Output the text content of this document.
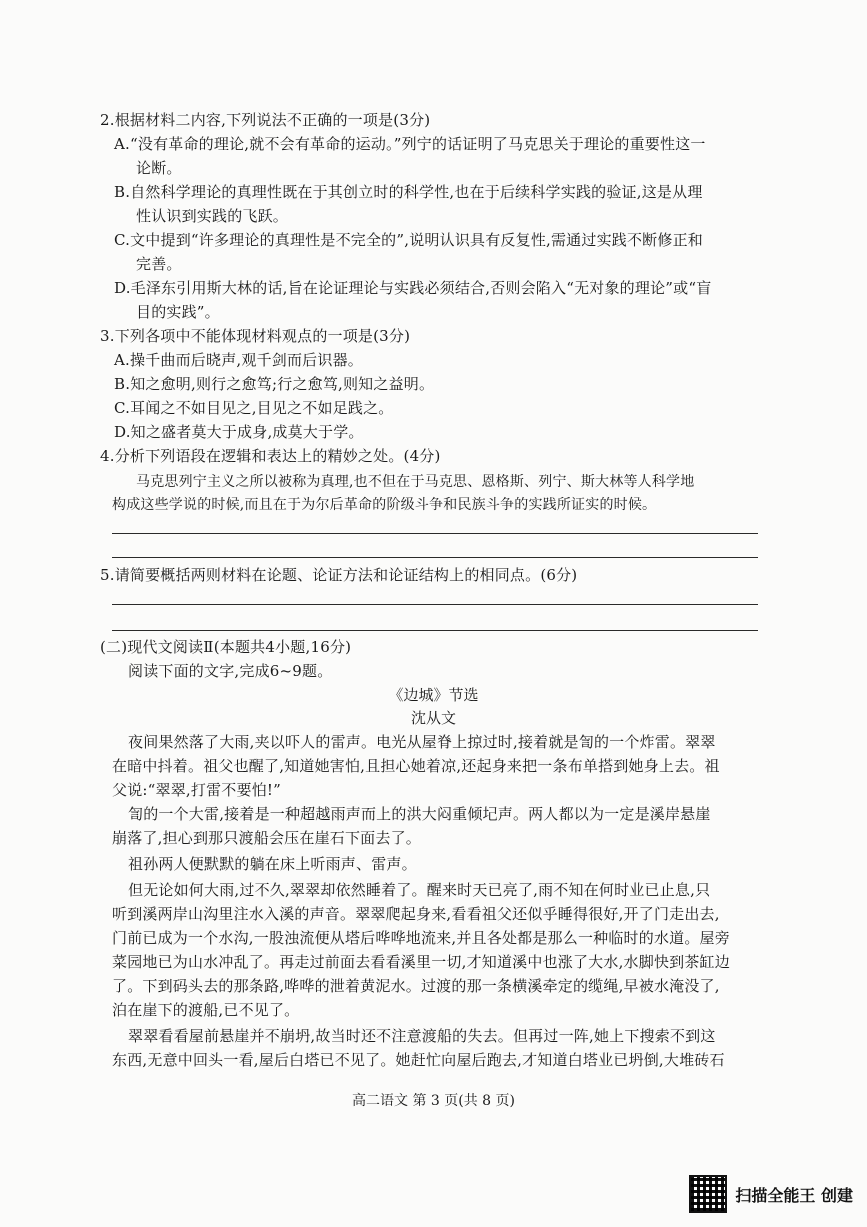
2.根据材料二内容,下列说法不正确的一项是(3分)
A.“没有革命的理论,就不会有革命的运动。”列宁的话证明了马克思关于理论的重要性这一
论断。
B.自然科学理论的真理性既在于其创立时的科学性,也在于后续科学实践的验证,这是从理
性认识到实践的飞跃。
C.文中提到“许多理论的真理性是不完全的”,说明认识具有反复性,需通过实践不断修正和
完善。
D.毛泽东引用斯大林的话,旨在论证理论与实践必须结合,否则会陷入“无对象的理论”或“盲
目的实践”。
3.下列各项中不能体现材料观点的一项是(3分)
A.操千曲而后晓声,观千剑而后识器。
B.知之愈明,则行之愈笃;行之愈笃,则知之益明。
C.耳闻之不如目见之,目见之不如足践之。
D.知之盛者莫大于成身,成莫大于学。
4.分析下列语段在逻辑和表达上的精妙之处。(4分)
马克思列宁主义之所以被称为真理,也不但在于马克思、恩格斯、列宁、斯大林等人科学地
构成这些学说的时候,而且在于为尔后革命的阶级斗争和民族斗争的实践所证实的时候。
5.请简要概括两则材料在论题、论证方法和论证结构上的相同点。(6分)
(二)现代文阅读Ⅱ(本题共4小题,16分)
阅读下面的文字,完成6~9题。
《边城》节选
沈从文
夜间果然落了大雨,夹以吓人的雷声。电光从屋脊上掠过时,接着就是訇的一个炸雷。翠翠
在暗中抖着。祖父也醒了,知道她害怕,且担心她着凉,还起身来把一条布单搭到她身上去。祖
父说:“翠翠,打雷不要怕!”
訇的一个大雷,接着是一种超越雨声而上的洪大闷重倾圮声。两人都以为一定是溪岸悬崖
崩落了,担心到那只渡船会压在崖石下面去了。
祖孙两人便默默的躺在床上听雨声、雷声。
但无论如何大雨,过不久,翠翠却依然睡着了。醒来时天已亮了,雨不知在何时业已止息,只
听到溪两岸山沟里注水入溪的声音。翠翠爬起身来,看看祖父还似乎睡得很好,开了门走出去,
门前已成为一个水沟,一股浊流便从塔后哗哗地流来,并且各处都是那么一种临时的水道。屋旁
菜园地已为山水冲乱了。再走过前面去看看溪里一切,才知道溪中也涨了大水,水脚快到茶缸边
了。下到码头去的那条路,哗哗的泄着黄泥水。过渡的那一条横溪牵定的缆绳,早被水淹没了,
泊在崖下的渡船,已不见了。
翠翠看看屋前悬崖并不崩坍,故当时还不注意渡船的失去。但再过一阵,她上下搜索不到这
东西,无意中回头一看,屋后白塔已不见了。她赶忙向屋后跑去,才知道白塔业已坍倒,大堆砖石
高二语文 第 3 页(共 8 页)
扫描全能王 创建
